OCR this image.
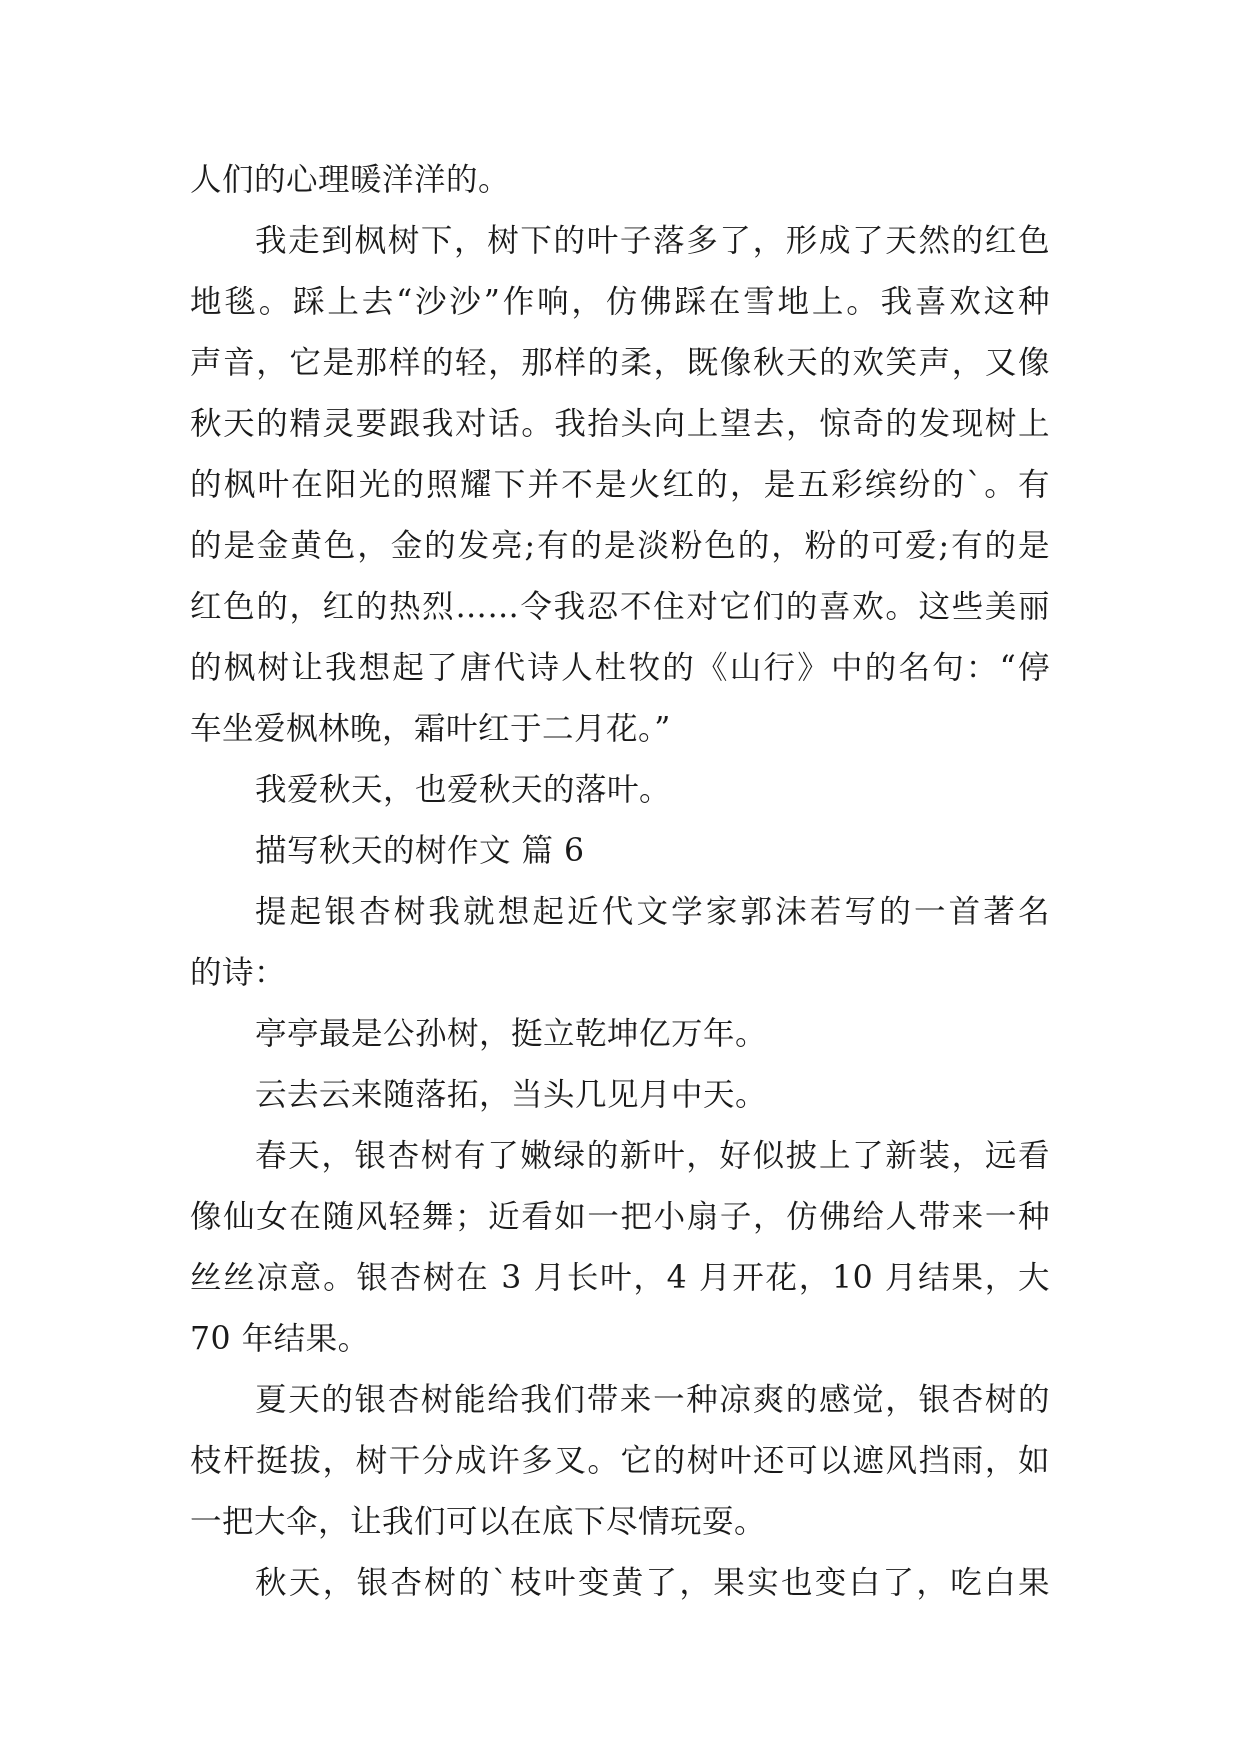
人们的心理暖洋洋的。
我走到枫树下，树下的叶子落多了，形成了天然的红色
地毯。踩上去“沙沙”作响，仿佛踩在雪地上。我喜欢这种
声音，它是那样的轻，那样的柔，既像秋天的欢笑声，又像
秋天的精灵要跟我对话。我抬头向上望去，惊奇的发现树上
的枫叶在阳光的照耀下并不是火红的，是五彩缤纷的`。有
的是金黄色，金的发亮;有的是淡粉色的，粉的可爱;有的是
红色的，红的热烈……令我忍不住对它们的喜欢。这些美丽
的枫树让我想起了唐代诗人杜牧的《山行》中的名句：“停
车坐爱枫林晚，霜叶红于二月花。”
我爱秋天，也爱秋天的落叶。
描写秋天的树作文 篇 6
提起银杏树我就想起近代文学家郭沫若写的一首著名
的诗：
亭亭最是公孙树，挺立乾坤亿万年。
云去云来随落拓，当头几见月中天。
春天，银杏树有了嫩绿的新叶，好似披上了新装，远看
像仙女在随风轻舞；近看如一把小扇子，仿佛给人带来一种
丝丝凉意。银杏树在 3 月长叶，4 月开花，10 月结果，大
70 年结果。
夏天的银杏树能给我们带来一种凉爽的感觉，银杏树的
枝杆挺拔，树干分成许多叉。它的树叶还可以遮风挡雨，如
一把大伞，让我们可以在底下尽情玩耍。
秋天，银杏树的`枝叶变黄了，果实也变白了，吃白果
